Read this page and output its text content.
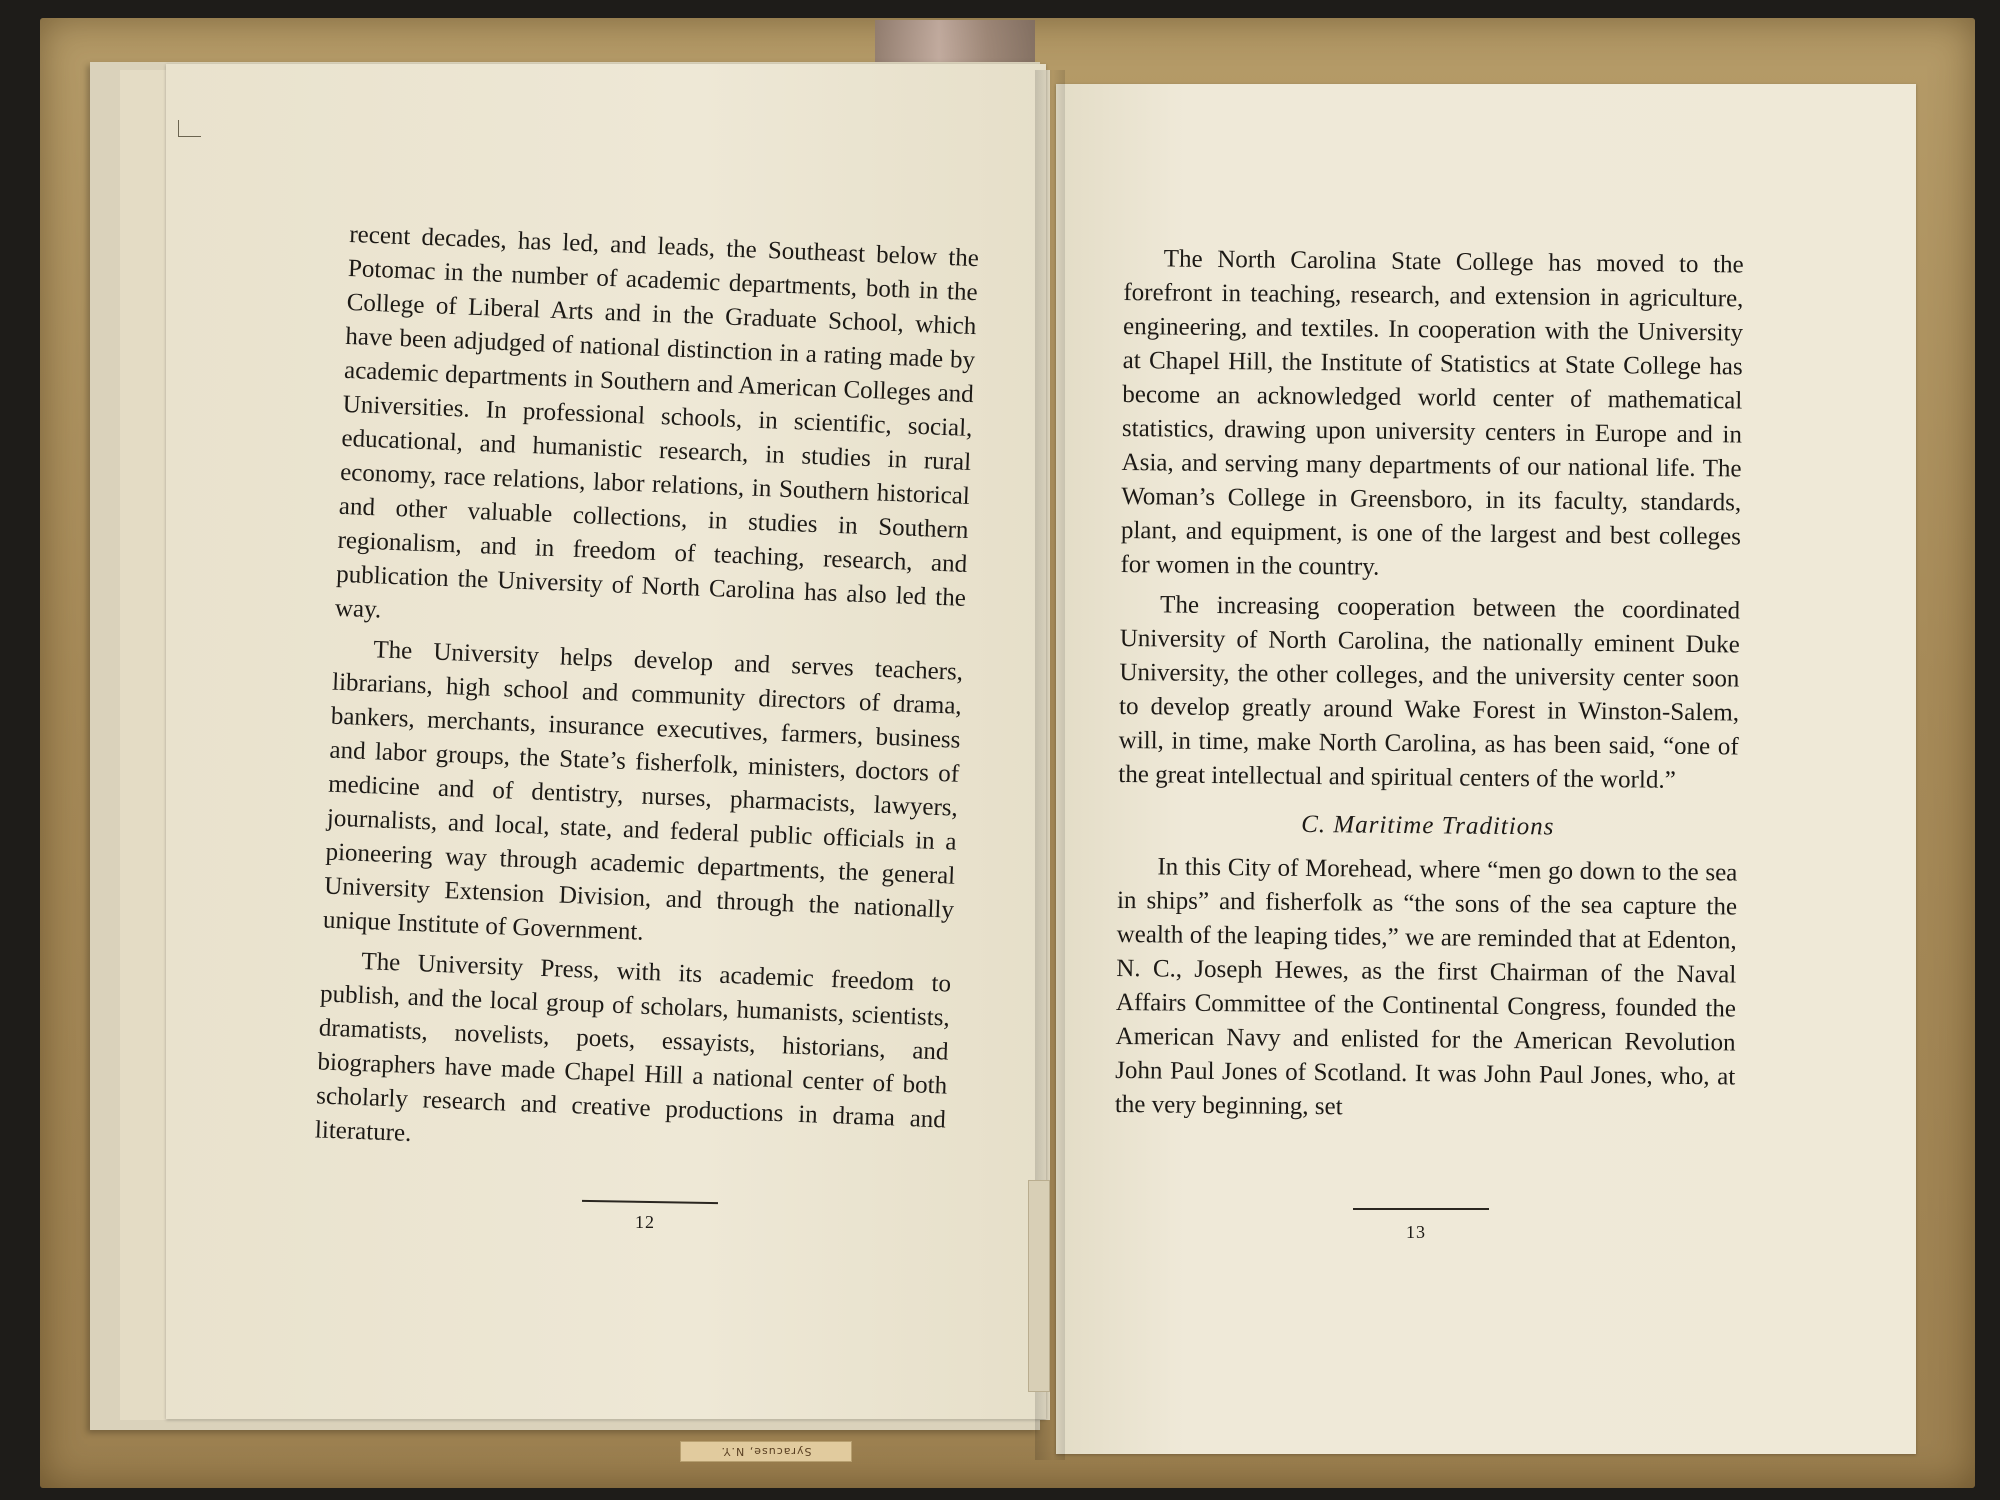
Syracuse, N.Y.

recent decades, has led, and leads, the Southeast below the Potomac in the number of academic departments, both in the College of Liberal Arts and in the Graduate School, which have been adjudged of national distinction in a rating made by academic departments in Southern and American Colleges and Universities. In professional schools, in scientific, social, educational, and humanistic research, in studies in rural economy, race relations, labor relations, in Southern historical and other valuable collections, in studies in Southern regionalism, and in freedom of teaching, research, and publication the University of North Carolina has also led the way.

The University helps develop and serves teachers, librarians, high school and community directors of drama, bankers, merchants, insurance executives, farmers, business and labor groups, the State’s fisherfolk, ministers, doctors of medicine and of dentistry, nurses, pharmacists, lawyers, journalists, and local, state, and federal public officials in a pioneering way through academic departments, the general University Extension Division, and through the nationally unique Institute of Government.

The University Press, with its academic freedom to publish, and the local group of scholars, humanists, scientists, dramatists, novelists, poets, essayists, historians, and biographers have made Chapel Hill a national center of both scholarly research and creative productions in drama and literature.

12

The North Carolina State College has moved to the forefront in teaching, research, and extension in agriculture, engineering, and textiles. In cooperation with the University at Chapel Hill, the Institute of Statistics at State College has become an acknowledged world center of mathematical statistics, drawing upon university centers in Europe and in Asia, and serving many departments of our national life. The Woman’s College in Greensboro, in its faculty, standards, plant, and equipment, is one of the largest and best colleges for women in the country.

The increasing cooperation between the coordinated University of North Carolina, the nationally eminent Duke University, the other colleges, and the university center soon to develop greatly around Wake Forest in Winston-Salem, will, in time, make North Carolina, as has been said, “one of the great intellectual and spiritual centers of the world.”

C. Maritime Traditions

In this City of Morehead, where “men go down to the sea in ships” and fisherfolk as “the sons of the sea capture the wealth of the leaping tides,” we are reminded that at Edenton, N. C., Joseph Hewes, as the first Chairman of the Naval Affairs Committee of the Continental Congress, founded the American Navy and enlisted for the American Revolution John Paul Jones of Scotland. It was John Paul Jones, who, at the very beginning, set

13
